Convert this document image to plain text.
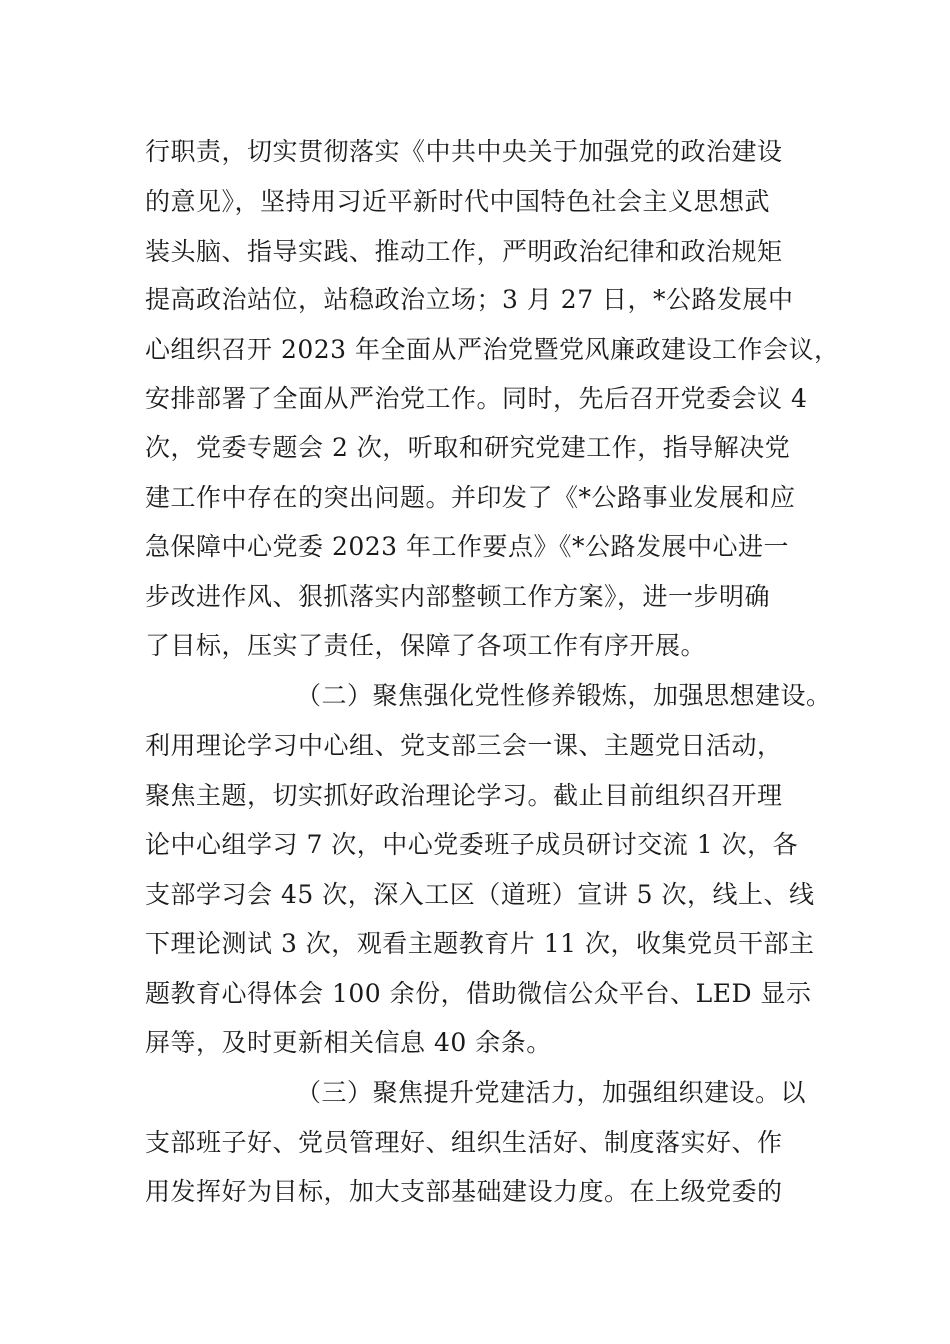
行职责，切实贯彻落实《中共中央关于加强党的政治建设
的意见》，坚持用习近平新时代中国特色社会主义思想武
装头脑、指导实践、推动工作，严明政治纪律和政治规矩
提高政治站位，站稳政治立场；3 月 27 日，*公路发展中
心组织召开 2023 年全面从严治党暨党风廉政建设工作会议，
安排部署了全面从严治党工作。同时，先后召开党委会议 4
次，党委专题会 2 次，听取和研究党建工作，指导解决党
建工作中存在的突出问题。并印发了《*公路事业发展和应
急保障中心党委 2023 年工作要点》《*公路发展中心进一
步改进作风、狠抓落实内部整顿工作方案》，进一步明确
了目标，压实了责任，保障了各项工作有序开展。
（二）聚焦强化党性修养锻炼，加强思想建设。
利用理论学习中心组、党支部三会一课、主题党日活动，
聚焦主题，切实抓好政治理论学习。截止目前组织召开理
论中心组学习 7 次，中心党委班子成员研讨交流 1 次，各
支部学习会 45 次，深入工区（道班）宣讲 5 次，线上、线
下理论测试 3 次，观看主题教育片 11 次，收集党员干部主
题教育心得体会 100 余份，借助微信公众平台、LED 显示
屏等，及时更新相关信息 40 余条。
（三）聚焦提升党建活力，加强组织建设。以
支部班子好、党员管理好、组织生活好、制度落实好、作
用发挥好为目标，加大支部基础建设力度。在上级党委的
